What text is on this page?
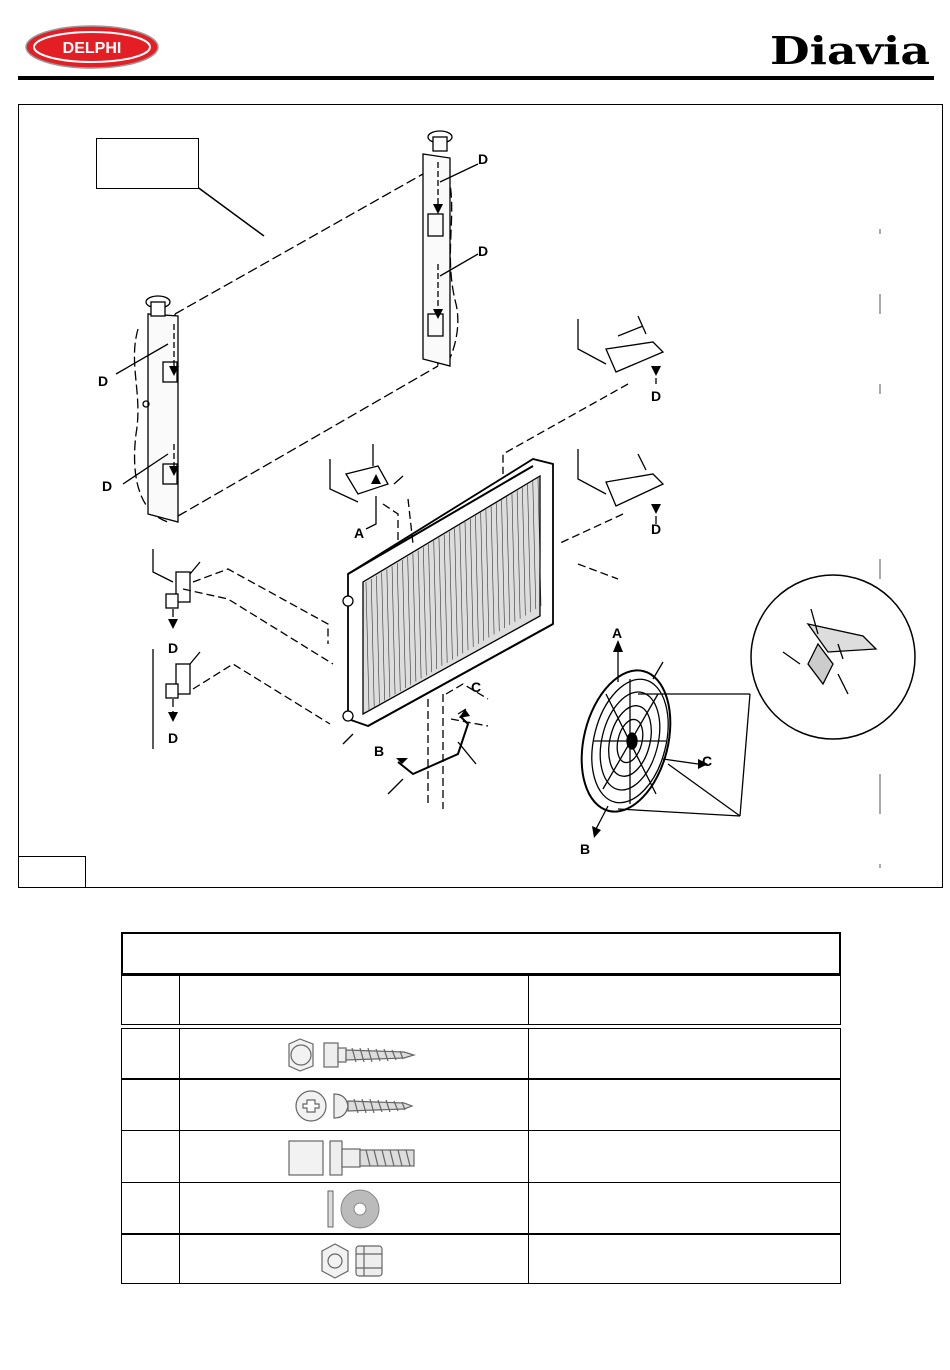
DELPHI	Diavia
D
D
D
D
D
D
D
D
A
A
B
B
C
C
